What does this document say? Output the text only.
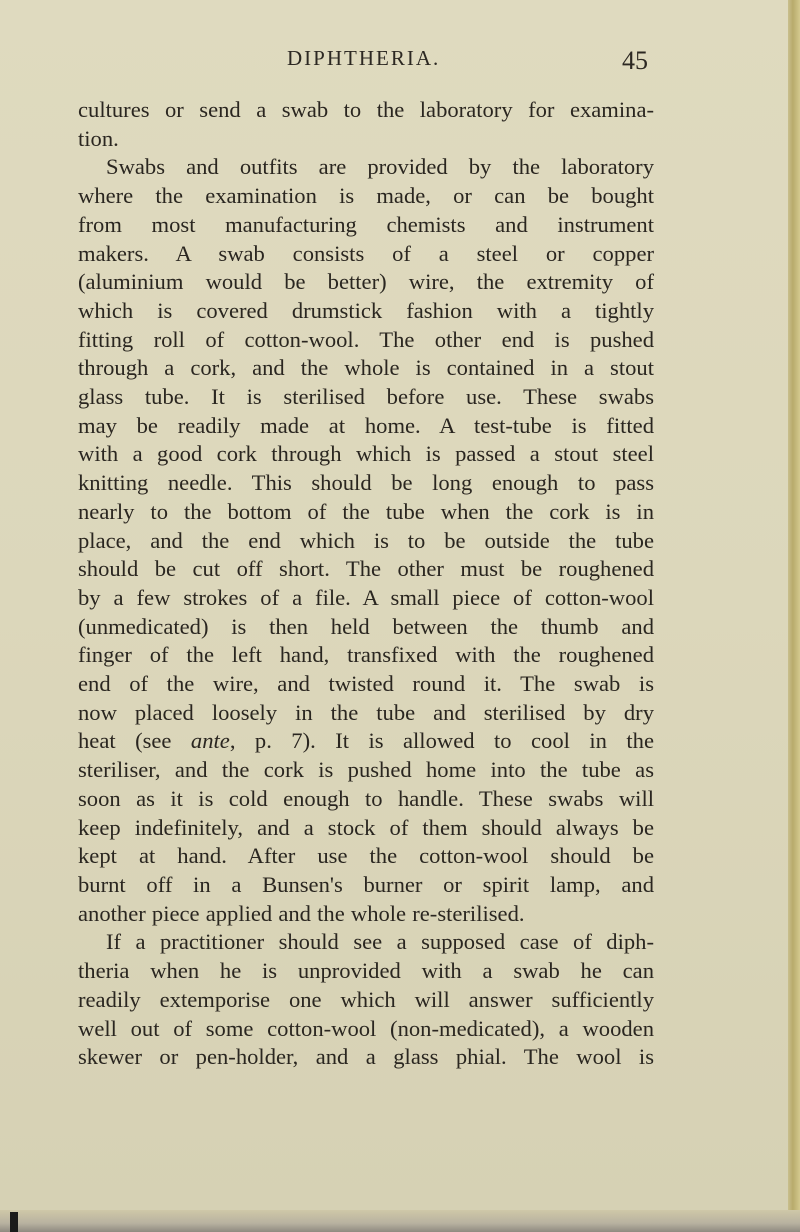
DIPHTHERIA.	45
cultures or send a swab to the laboratory for examina-
tion.
Swabs and outfits are provided by the laboratory
where the examination is made, or can be bought
from most manufacturing chemists and instrument
makers. A swab consists of a steel or copper
(aluminium would be better) wire, the extremity of
which is covered drumstick fashion with a tightly
fitting roll of cotton-wool. The other end is pushed
through a cork, and the whole is contained in a stout
glass tube. It is sterilised before use. These swabs
may be readily made at home. A test-tube is fitted
with a good cork through which is passed a stout steel
knitting needle. This should be long enough to pass
nearly to the bottom of the tube when the cork is in
place, and the end which is to be outside the tube
should be cut off short. The other must be roughened
by a few strokes of a file. A small piece of cotton-wool
(unmedicated) is then held between the thumb and
finger of the left hand, transfixed with the roughened
end of the wire, and twisted round it. The swab is
now placed loosely in the tube and sterilised by dry
heat (see ante, p. 7). It is allowed to cool in the
steriliser, and the cork is pushed home into the tube as
soon as it is cold enough to handle. These swabs will
keep indefinitely, and a stock of them should always be
kept at hand. After use the cotton-wool should be
burnt off in a Bunsen's burner or spirit lamp, and
another piece applied and the whole re-sterilised.
If a practitioner should see a supposed case of diph-
theria when he is unprovided with a swab he can
readily extemporise one which will answer sufficiently
well out of some cotton-wool (non-medicated), a wooden
skewer or pen-holder, and a glass phial. The wool is
